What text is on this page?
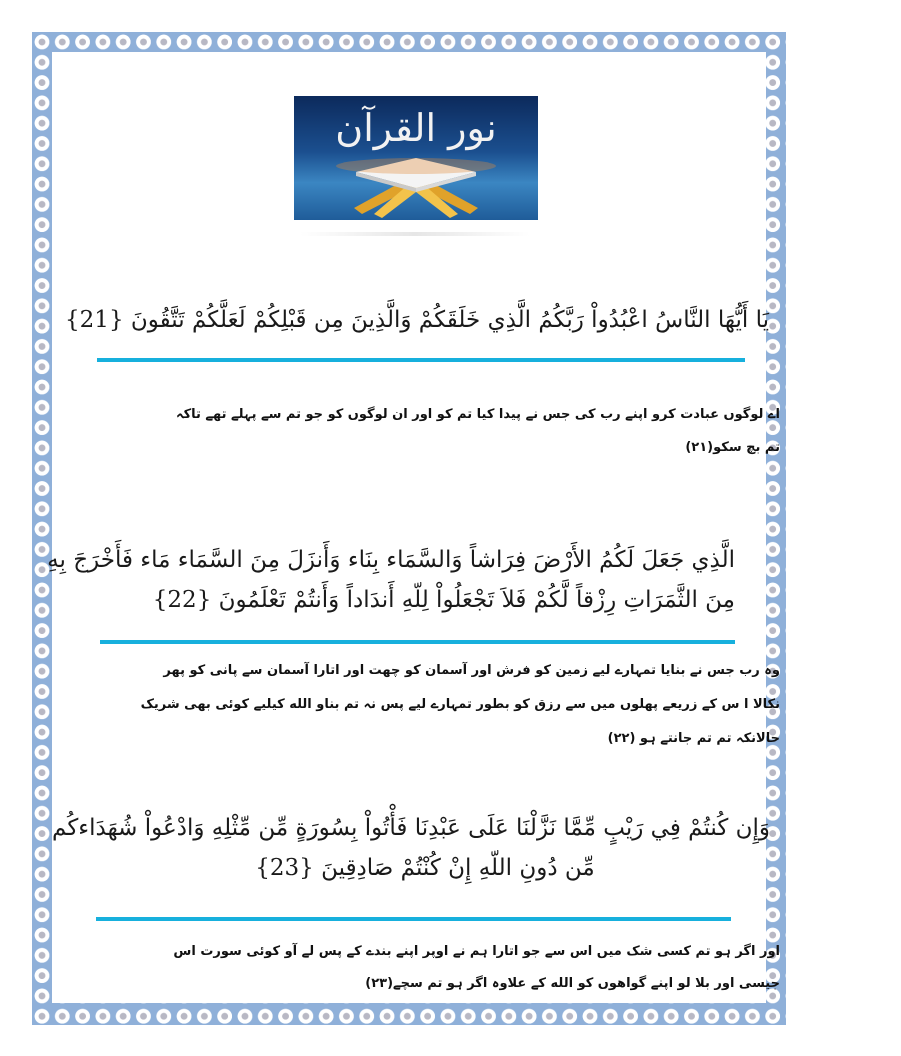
نور القرآن
يَا أَيُّهَا النَّاسُ اعْبُدُواْ رَبَّكُمُ الَّذِي خَلَقَكُمْ وَالَّذِينَ مِن قَبْلِكُمْ لَعَلَّكُمْ تَتَّقُونَ {21}
اے لوگوں عبادت کرو اپنے رب کی جس نے پیدا کیا تم کو اور ان لوگوں کو جو تم سے پہلے تھے تاکہ
تم بچ سکو(۲۱)
الَّذِي جَعَلَ لَكُمُ الأَرْضَ فِرَاشاً وَالسَّمَاء بِنَاء وَأَنزَلَ مِنَ السَّمَاء مَاء فَأَخْرَجَ بِهِ
مِنَ الثَّمَرَاتِ رِزْقاً لَّكُمْ فَلاَ تَجْعَلُواْ لِلّهِ أَندَاداً وَأَنتُمْ تَعْلَمُونَ {22}
وہ رب جس نے بنایا تمہارے لیے زمین کو فرش اور آسمان کو چھت اور اتارا آسمان سے پانی کو پھر
نکالا ا س کے زریعے پھلوں میں سے رزق کو بطور تمہارے لیے پس نہ تم بناو الله کیلیے کوئی بھی شریک
حالانکہ تم تم جانتے ہو (۲۲)
وَإِن كُنتُمْ فِي رَيْبٍ مِّمَّا نَزَّلْنَا عَلَى عَبْدِنَا فَأْتُواْ بِسُورَةٍ مِّن مِّثْلِهِ وَادْعُواْ شُهَدَاءكُم
مِّن دُونِ اللّهِ إِنْ كُنْتُمْ صَادِقِينَ {23}
اور اگر ہو تم کسی شک میں اس سے جو اتارا ہم نے اوپر اپنے بندے کے پس لے آو کوئی سورت اس
جیسی اور بلا لو اپنے گواھوں کو الله کے علاوہ اگر ہو تم سچے(۲۳)
